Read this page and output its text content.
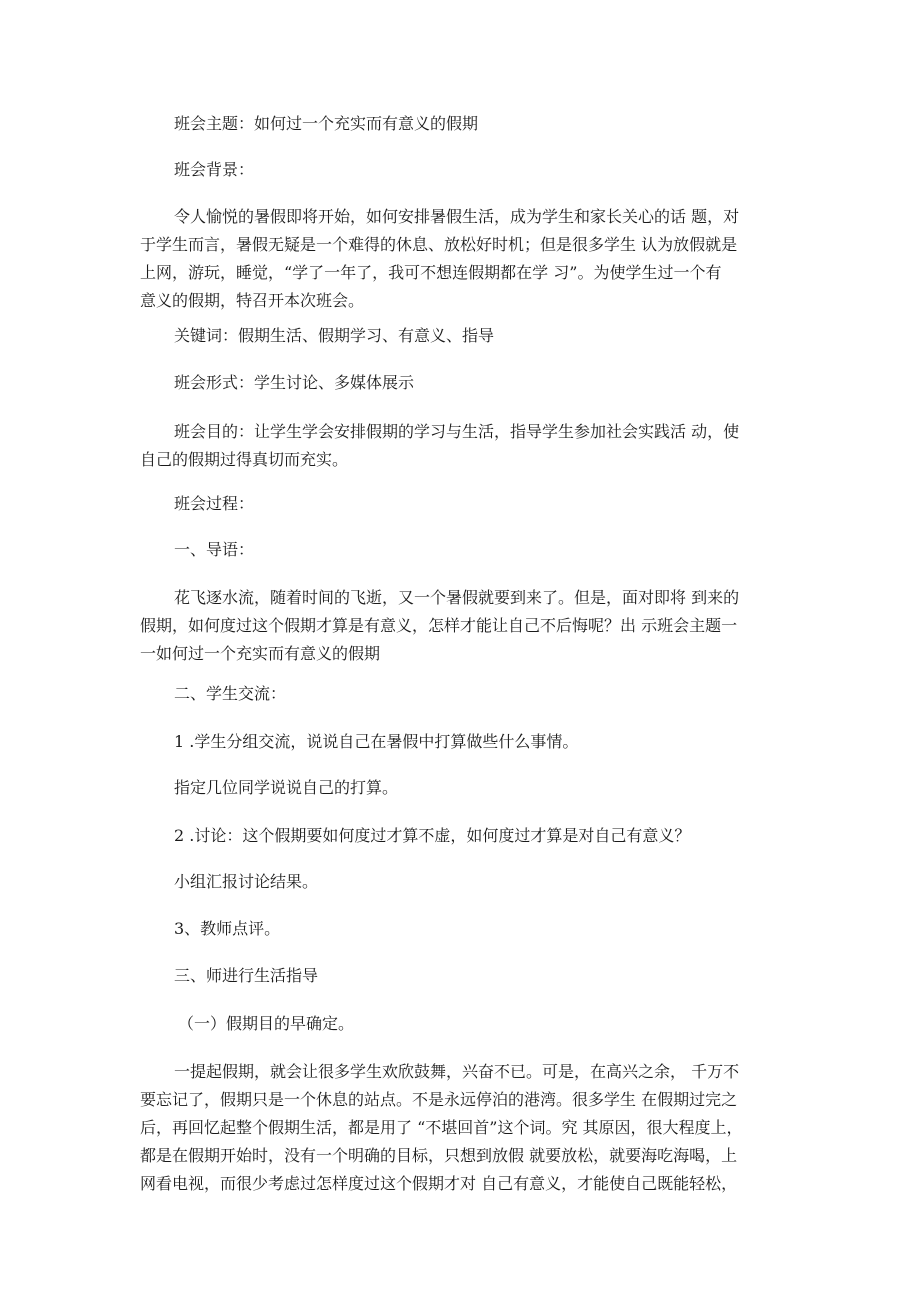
班会主题：如何过一个充实而有意义的假期

班会背景：

令人愉悦的暑假即将开始，如何安排暑假生活，成为学生和家长关心的话 题，对
于学生而言，暑假无疑是一个难得的休息、放松好时机；但是很多学生 认为放假就是
上网，游玩，睡觉，“学了一年了，我可不想连假期都在学 习”。为使学生过一个有
意义的假期，特召开本次班会。

关键词：假期生活、假期学习、有意义、指导

班会形式：学生讨论、多媒体展示

班会目的：让学生学会安排假期的学习与生活，指导学生参加社会实践活 动，使
自己的假期过得真切而充实。

班会过程：

一、导语：

花飞逐水流，随着时间的飞逝，又一个暑假就要到来了。但是，面对即将 到来的
假期，如何度过这个假期才算是有意义，怎样才能让自己不后悔呢？出 示班会主题一
一如何过一个充实而有意义的假期

二、学生交流：

1 .学生分组交流，说说自己在暑假中打算做些什么事情。

指定几位同学说说自己的打算。

2 .讨论：这个假期要如何度过才算不虚，如何度过才算是对自己有意义？

小组汇报讨论结果。

3、教师点评。

三、师进行生活指导

（一）假期目的早确定。

一提起假期，就会让很多学生欢欣鼓舞，兴奋不已。可是，在高兴之余， 千万不
要忘记了，假期只是一个休息的站点。不是永远停泊的港湾。很多学生 在假期过完之
后，再回忆起整个假期生活，都是用了 “不堪回首”这个词。究 其原因，很大程度上，
都是在假期开始时，没有一个明确的目标，只想到放假 就要放松，就要海吃海喝，上
网看电视，而很少考虑过怎样度过这个假期才对 自己有意义，才能使自己既能轻松，
